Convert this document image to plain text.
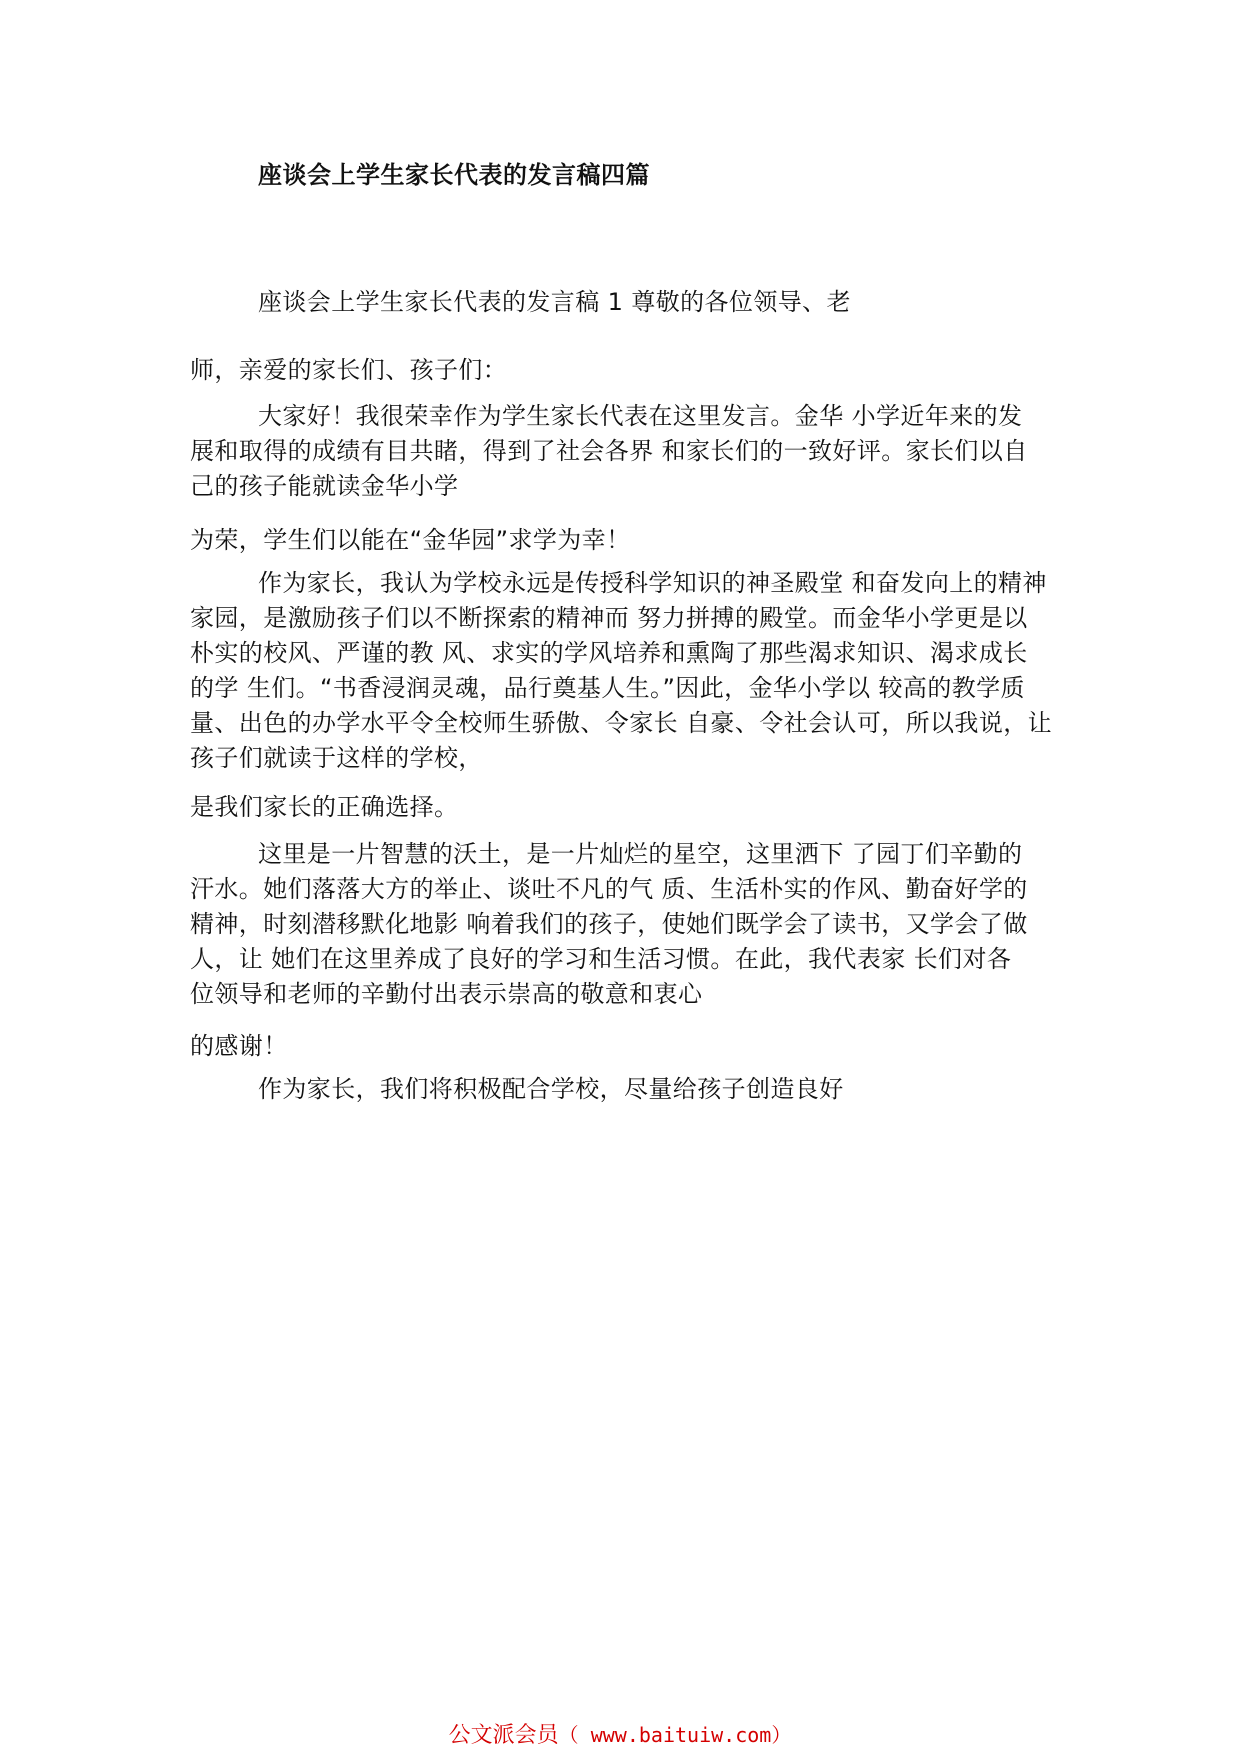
座谈会上学生家长代表的发言稿四篇
座谈会上学生家长代表的发言稿 1 尊敬的各位领导、老
师，亲爱的家长们、孩子们：
大家好！我很荣幸作为学生家长代表在这里发言。金华 小学近年来的发
展和取得的成绩有目共睹，得到了社会各界 和家长们的一致好评。家长们以自
己的孩子能就读金华小学
为荣，学生们以能在“金华园”求学为幸！
作为家长，我认为学校永远是传授科学知识的神圣殿堂 和奋发向上的精神
家园，是激励孩子们以不断探索的精神而 努力拼搏的殿堂。而金华小学更是以
朴实的校风、严谨的教 风、求实的学风培养和熏陶了那些渴求知识、渴求成长
的学 生们。“书香浸润灵魂，品行奠基人生。”因此，金华小学以 较高的教学质
量、出色的办学水平令全校师生骄傲、令家长 自豪、令社会认可，所以我说，让
孩子们就读于这样的学校，
是我们家长的正确选择。
这里是一片智慧的沃土，是一片灿烂的星空，这里洒下 了园丁们辛勤的
汗水。她们落落大方的举止、谈吐不凡的气 质、生活朴实的作风、勤奋好学的
精神，时刻潜移默化地影 响着我们的孩子，使她们既学会了读书，又学会了做
人，让 她们在这里养成了良好的学习和生活习惯。在此，我代表家 长们对各
位领导和老师的辛勤付出表示崇高的敬意和衷心
的感谢！
作为家长，我们将积极配合学校，尽量给孩子创造良好
公文派会员（ www.baituiw.com）
